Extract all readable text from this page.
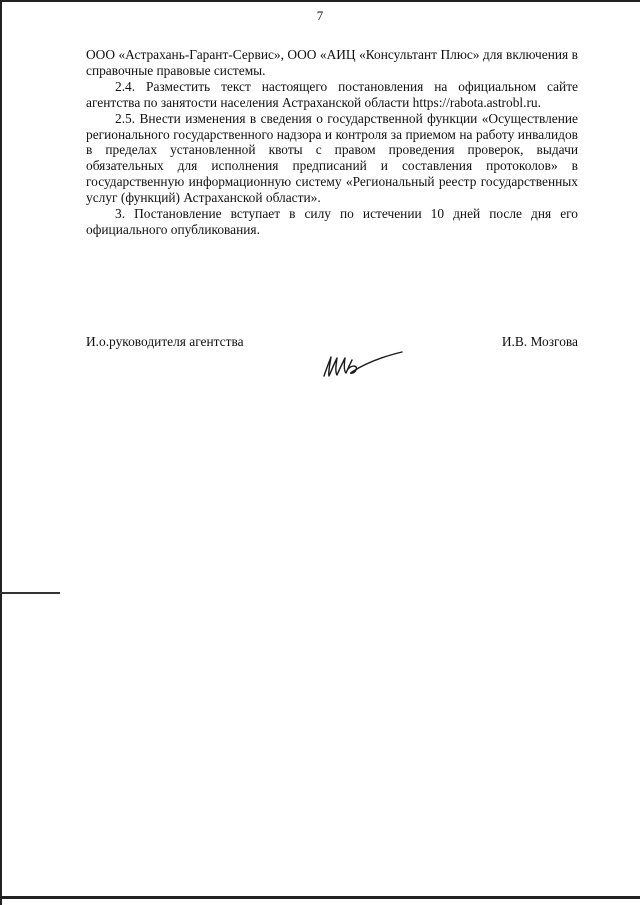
7

ООО «Астрахань-Гарант-Сервис», ООО «АИЦ «Консультант Плюс» для включения в справочные правовые системы.

2.4. Разместить текст настоящего постановления на официальном сайте агентства по занятости населения Астраханской области https://rabota.astrobl.ru.

2.5. Внести изменения в сведения о государственной функции «Осуществление регионального государственного надзора и контроля за приемом на работу инвалидов в пределах установленной квоты с правом проведения проверок, выдачи обязательных для исполнения предписаний и составления протоколов» в государственную информационную систему «Региональный реестр государственных услуг (функций) Астраханской области».

3. Постановление вступает в силу по истечении 10 дней после дня его официального опубликования.

И.о.руководителя агентства	И.В. Мозгова
